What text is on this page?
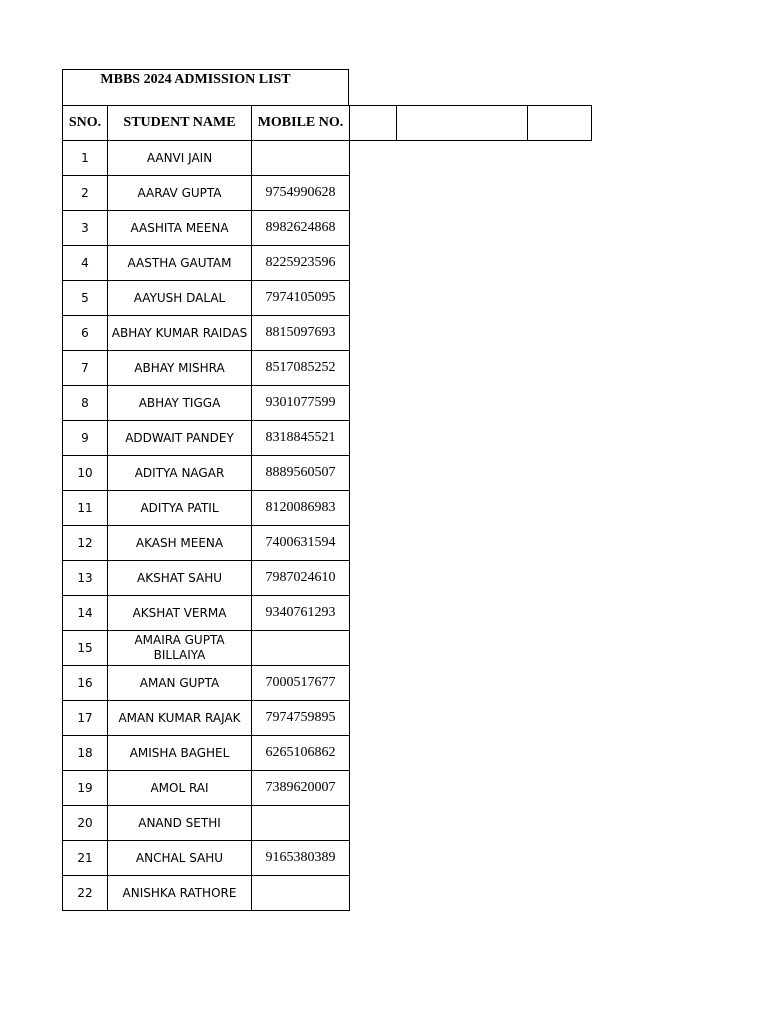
MBBS 2024 ADMISSION LIST
SNO.	STUDENT NAME	MOBILE NO.			
1	AANVI JAIN				
2	AARAV GUPTA	9754990628			
3	AASHITA MEENA	8982624868			
4	AASTHA GAUTAM	8225923596			
5	AAYUSH DALAL	7974105095			
6	ABHAY KUMAR RAIDAS	8815097693			
7	ABHAY MISHRA	8517085252			
8	ABHAY TIGGA	9301077599			
9	ADDWAIT PANDEY	8318845521			
10	ADITYA NAGAR	8889560507			
11	ADITYA PATIL	8120086983			
12	AKASH MEENA	7400631594			
13	AKSHAT SAHU	7987024610			
14	AKSHAT VERMA	9340761293			
15	AMAIRA GUPTA BILLAIYA				
16	AMAN GUPTA	7000517677			
17	AMAN KUMAR RAJAK	7974759895			
18	AMISHA BAGHEL	6265106862			
19	AMOL RAI	7389620007			
20	ANAND SETHI				
21	ANCHAL SAHU	9165380389			
22	ANISHKA RATHORE				
